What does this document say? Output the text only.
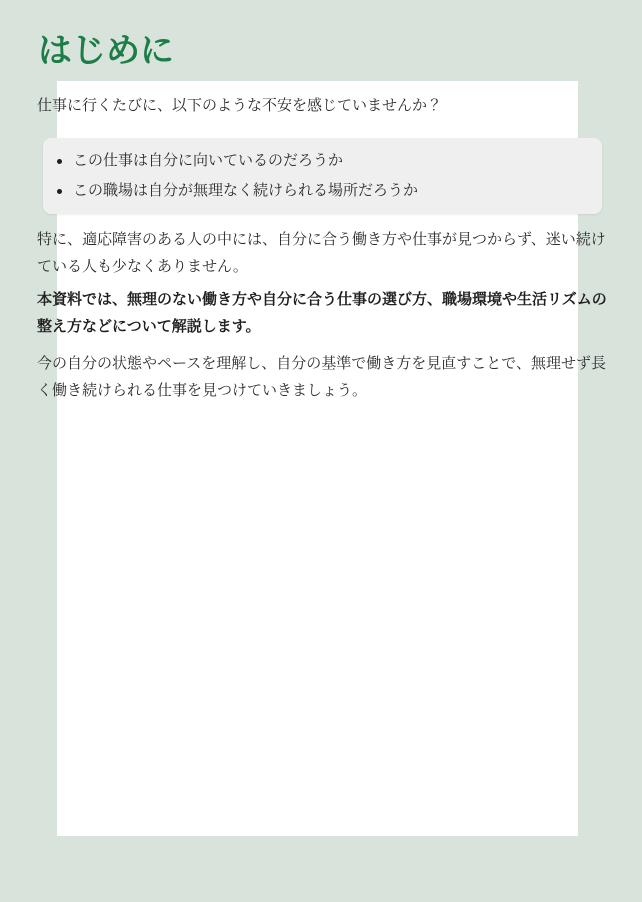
はじめに

仕事に行くたびに、以下のような不安を感じていませんか？

この仕事は自分に向いているのだろうか
この職場は自分が無理なく続けられる場所だろうか

特に、適応障害のある人の中には、自分に合う働き方や仕事が見つからず、迷い続けている人も少なくありません。

本資料では、無理のない働き方や自分に合う仕事の選び方、職場環境や生活リズムの整え方などについて解説します。

今の自分の状態やペースを理解し、自分の基準で働き方を見直すことで、無理せず長く働き続けられる仕事を見つけていきましょう。
